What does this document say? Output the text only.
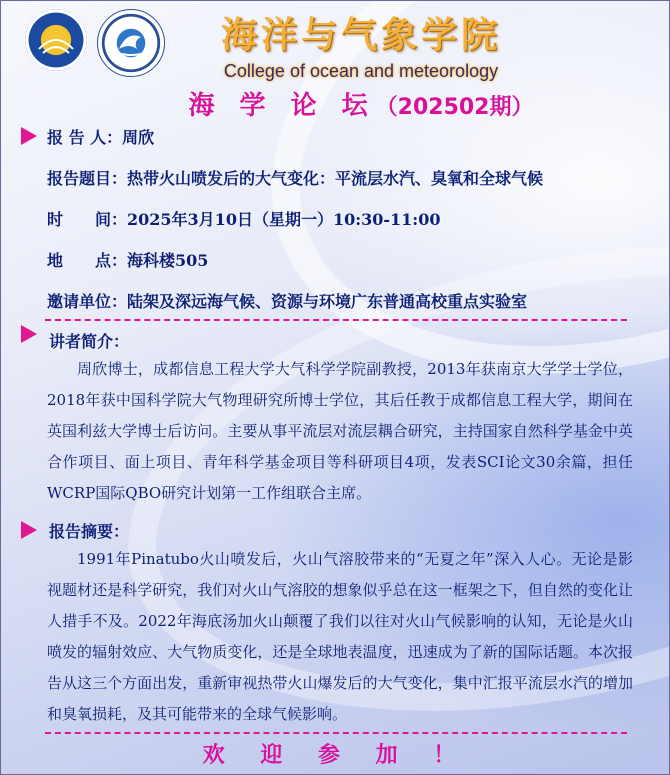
海洋与气象学院
College of ocean and meteorology
海 学 论 坛（202502期）
报 告 人：周欣
报告题目：热带火山喷发后的大气变化：平流层水汽、臭氧和全球气候
时　　间：2025年3月10日（星期一）10:30-11:00
地　　点：海科楼505
邀请单位：陆架及深远海气候、资源与环境广东普通高校重点实验室
讲者简介：
周欣博士，成都信息工程大学大气科学学院副教授，2013年获南京大学学士学位，2018年获中国科学院大气物理研究所博士学位，其后任教于成都信息工程大学，期间在英国利兹大学博士后访问。主要从事平流层对流层耦合研究，主持国家自然科学基金中英合作项目、面上项目、青年科学基金项目等科研项目4项，发表SCI论文30余篇，担任WCRP国际QBO研究计划第一工作组联合主席。
报告摘要：
1991年Pinatubo火山喷发后，火山气溶胶带来的“无夏之年”深入人心。无论是影视题材还是科学研究，我们对火山气溶胶的想象似乎总在这一框架之下，但自然的变化让人措手不及。2022年海底汤加火山颠覆了我们以往对火山气候影响的认知，无论是火山喷发的辐射效应、大气物质变化，还是全球地表温度，迅速成为了新的国际话题。本次报告从这三个方面出发，重新审视热带火山爆发后的大气变化，集中汇报平流层水汽的增加和臭氧损耗，及其可能带来的全球气候影响。
欢 迎 参 加 ！
